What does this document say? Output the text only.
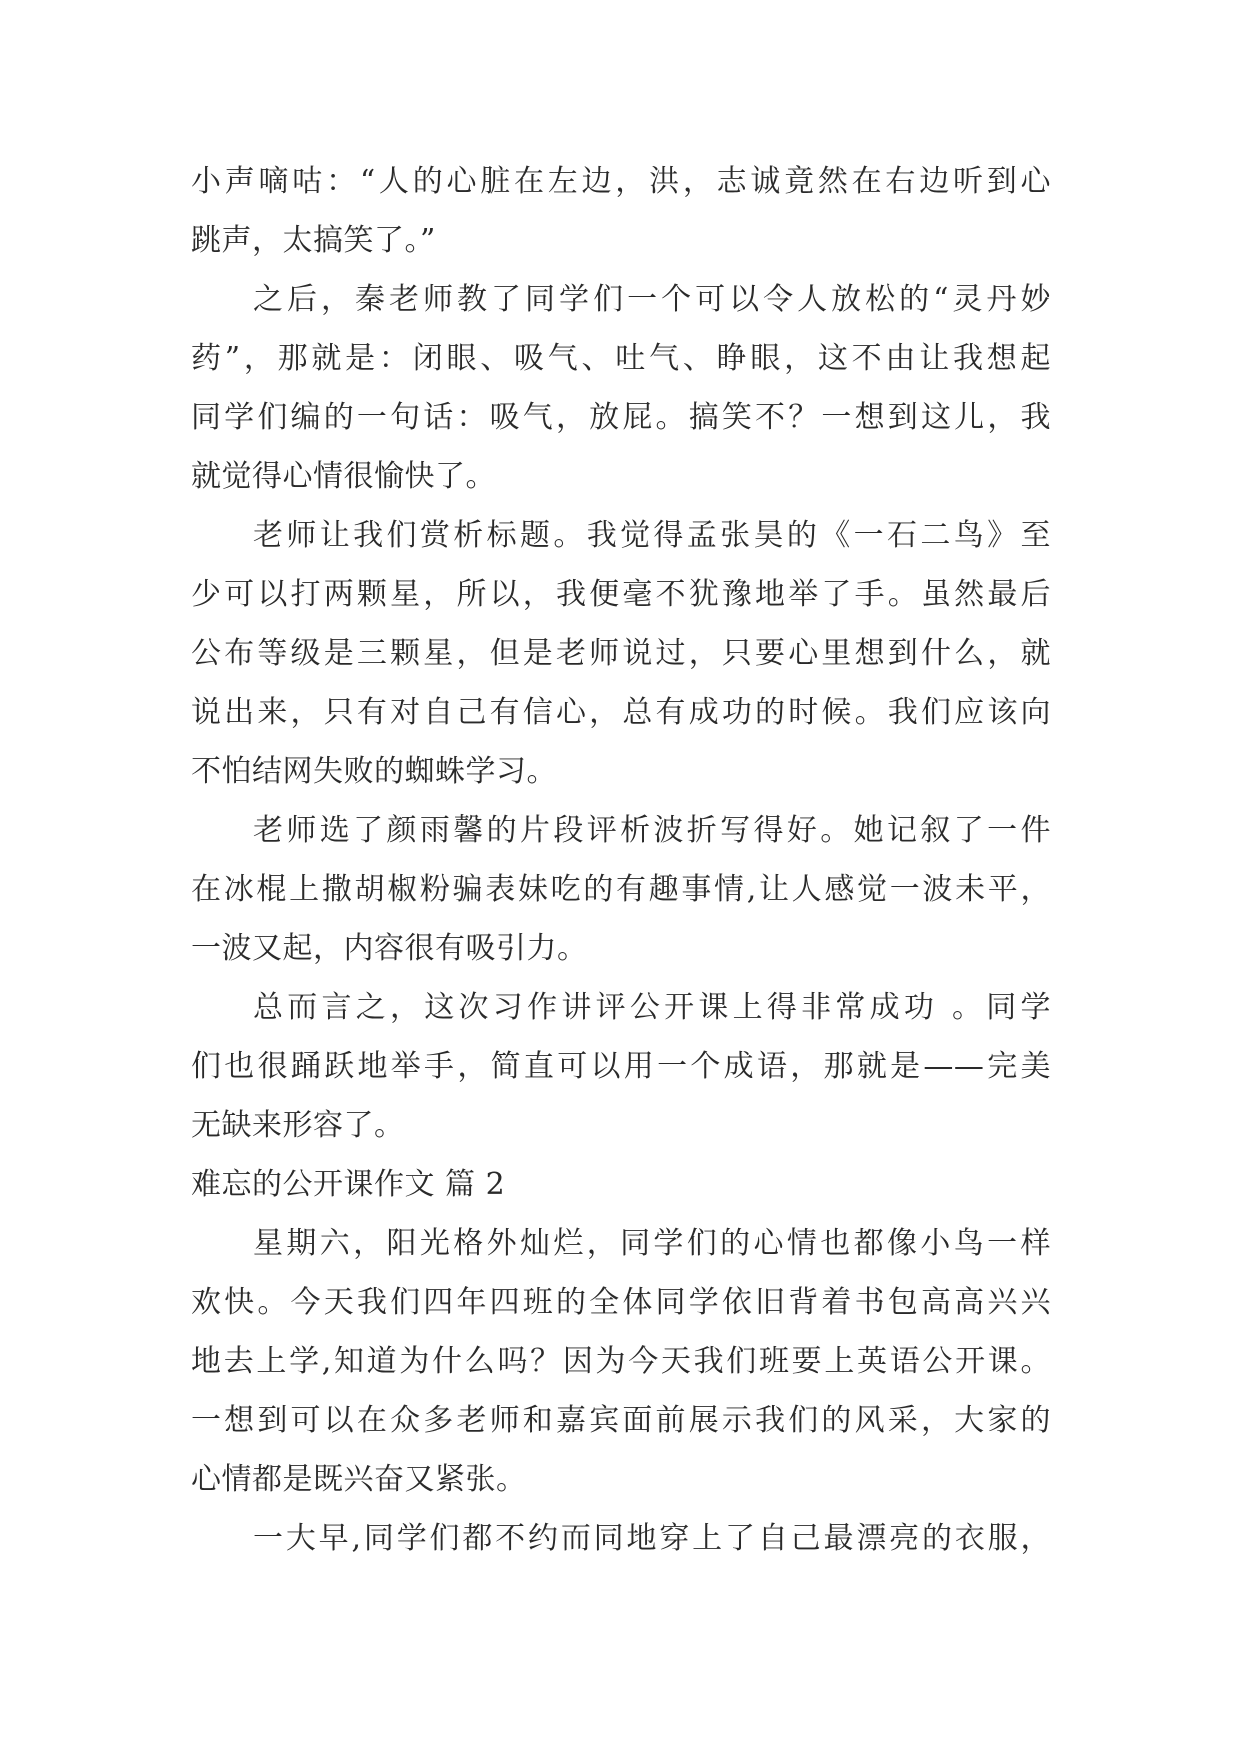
小声嘀咕：“人的心脏在左边，洪，志诚竟然在右边听到心
跳声，太搞笑了。”
之后，秦老师教了同学们一个可以令人放松的“灵丹妙
药”，那就是：闭眼、吸气、吐气、睁眼，这不由让我想起
同学们编的一句话：吸气，放屁。搞笑不？一想到这儿，我
就觉得心情很愉快了。
老师让我们赏析标题。我觉得孟张昊的《一石二鸟》至
少可以打两颗星，所以，我便毫不犹豫地举了手。虽然最后
公布等级是三颗星，但是老师说过，只要心里想到什么，就
说出来，只有对自己有信心，总有成功的时候。我们应该向
不怕结网失败的蜘蛛学习。
老师选了颜雨馨的片段评析波折写得好。她记叙了一件
在冰棍上撒胡椒粉骗表妹吃的有趣事情,让人感觉一波未平，
一波又起，内容很有吸引力。
总而言之，这次习作讲评公开课上得非常成功 。同学
们也很踊跃地举手，简直可以用一个成语，那就是——完美
无缺来形容了。
难忘的公开课作文 篇 2
星期六，阳光格外灿烂，同学们的心情也都像小鸟一样
欢快。今天我们四年四班的全体同学依旧背着书包高高兴兴
地去上学,知道为什么吗？因为今天我们班要上英语公开课。
一想到可以在众多老师和嘉宾面前展示我们的风采，大家的
心情都是既兴奋又紧张。
一大早,同学们都不约而同地穿上了自己最漂亮的衣服，
